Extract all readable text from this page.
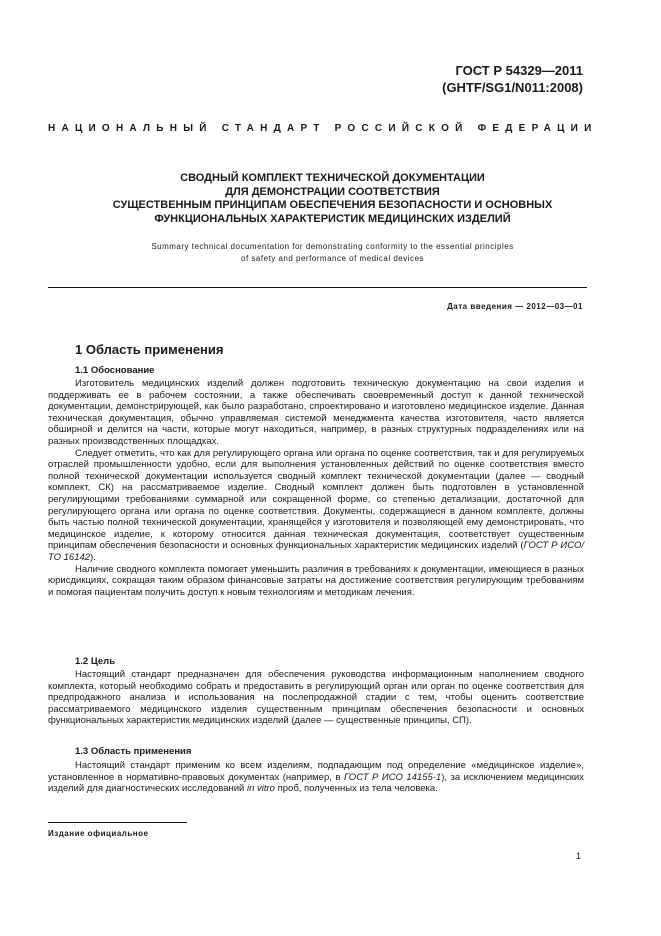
ГОСТ Р 54329—2011
(GHTF/SG1/N011:2008)
НАЦИОНАЛЬНЫЙ СТАНДАРТ РОССИЙСКОЙ ФЕДЕРАЦИИ
СВОДНЫЙ КОМПЛЕКТ ТЕХНИЧЕСКОЙ ДОКУМЕНТАЦИИ
ДЛЯ ДЕМОНСТРАЦИИ СООТВЕТСТВИЯ
СУЩЕСТВЕННЫМ ПРИНЦИПАМ ОБЕСПЕЧЕНИЯ БЕЗОПАСНОСТИ И ОСНОВНЫХ
ФУНКЦИОНАЛЬНЫХ ХАРАКТЕРИСТИК МЕДИЦИНСКИХ ИЗДЕЛИЙ
Summary technical documentation for demonstrating conformity to the essential principles
of safety and performance of medical devices
Дата введения — 2012—03—01
1 Область применения
1.1 Обоснование

Изготовитель медицинских изделий должен подготовить техническую документацию на свои изделия и поддерживать ее в рабочем состоянии, а также обеспечивать своевременный доступ к данной технической документации, демонстрирующей, как было разработано, спроектировано и изготовлено медицинское изделие. Данная техническая документация, обычно управляемая системой менеджмента качества изготовителя, часто является обширной и делится на части, которые могут находиться, например, в разных структурных подразделениях или на разных производственных площадках.

Следует отметить, что как для регулирующего органа или органа по оценке соответствия, так и для регулируемых отраслей промышленности удобно, если для выполнения установленных действий по оценке соответствия вместо полной технической документации используется сводный комплект технической документации (далее — сводный комплект, СК) на рассматриваемое изделие. Сводный комплект должен быть подготовлен в установленной регулирующими требованиями суммарной или сокращенной форме, со степенью детализации, достаточной для регулирующего органа или органа по оценке соответствия. Документы, содержащиеся в данном комплекте, должны быть частью полной технической документации, хранящейся у изготовителя и позволяющей ему демонстрировать, что медицинское изделие, к которому относится данная техническая документация, соответствует существенным принципам обеспечения безопасности и основных функциональных характеристик медицинских изделий (ГОСТ Р ИСО/ТО 16142).

Наличие сводного комплекта помогает уменьшить различия в требованиях к документации, имеющиеся в разных юрисдикциях, сокращая таким образом финансовые затраты на достижение соответствия регулирующим требованиям и помогая пациентам получить доступ к новым технологиям и методикам лечения.

1.2 Цель

Настоящий стандарт предназначен для обеспечения руководства информационным наполнением сводного комплекта, который необходимо собрать и предоставить в регулирующий орган или орган по оценке соответствия для предпродажного анализа и использования на послепродажной стадии с тем, чтобы оценить соответствие рассматриваемого медицинского изделия существенным принципам обеспечения безопасности и основных функциональных характеристик медицинских изделий (далее — существенные принципы, СП).

1.3 Область применения

Настоящий стандарт применим ко всем изделиям, подпадающим под определение «медицинское изделие», установленное в нормативно-правовых документах (например, в ГОСТ Р ИСО 14155-1), за исключением медицинских изделий для диагностических исследований in vitro проб, полученных из тела человека.

Издание официальное
1
